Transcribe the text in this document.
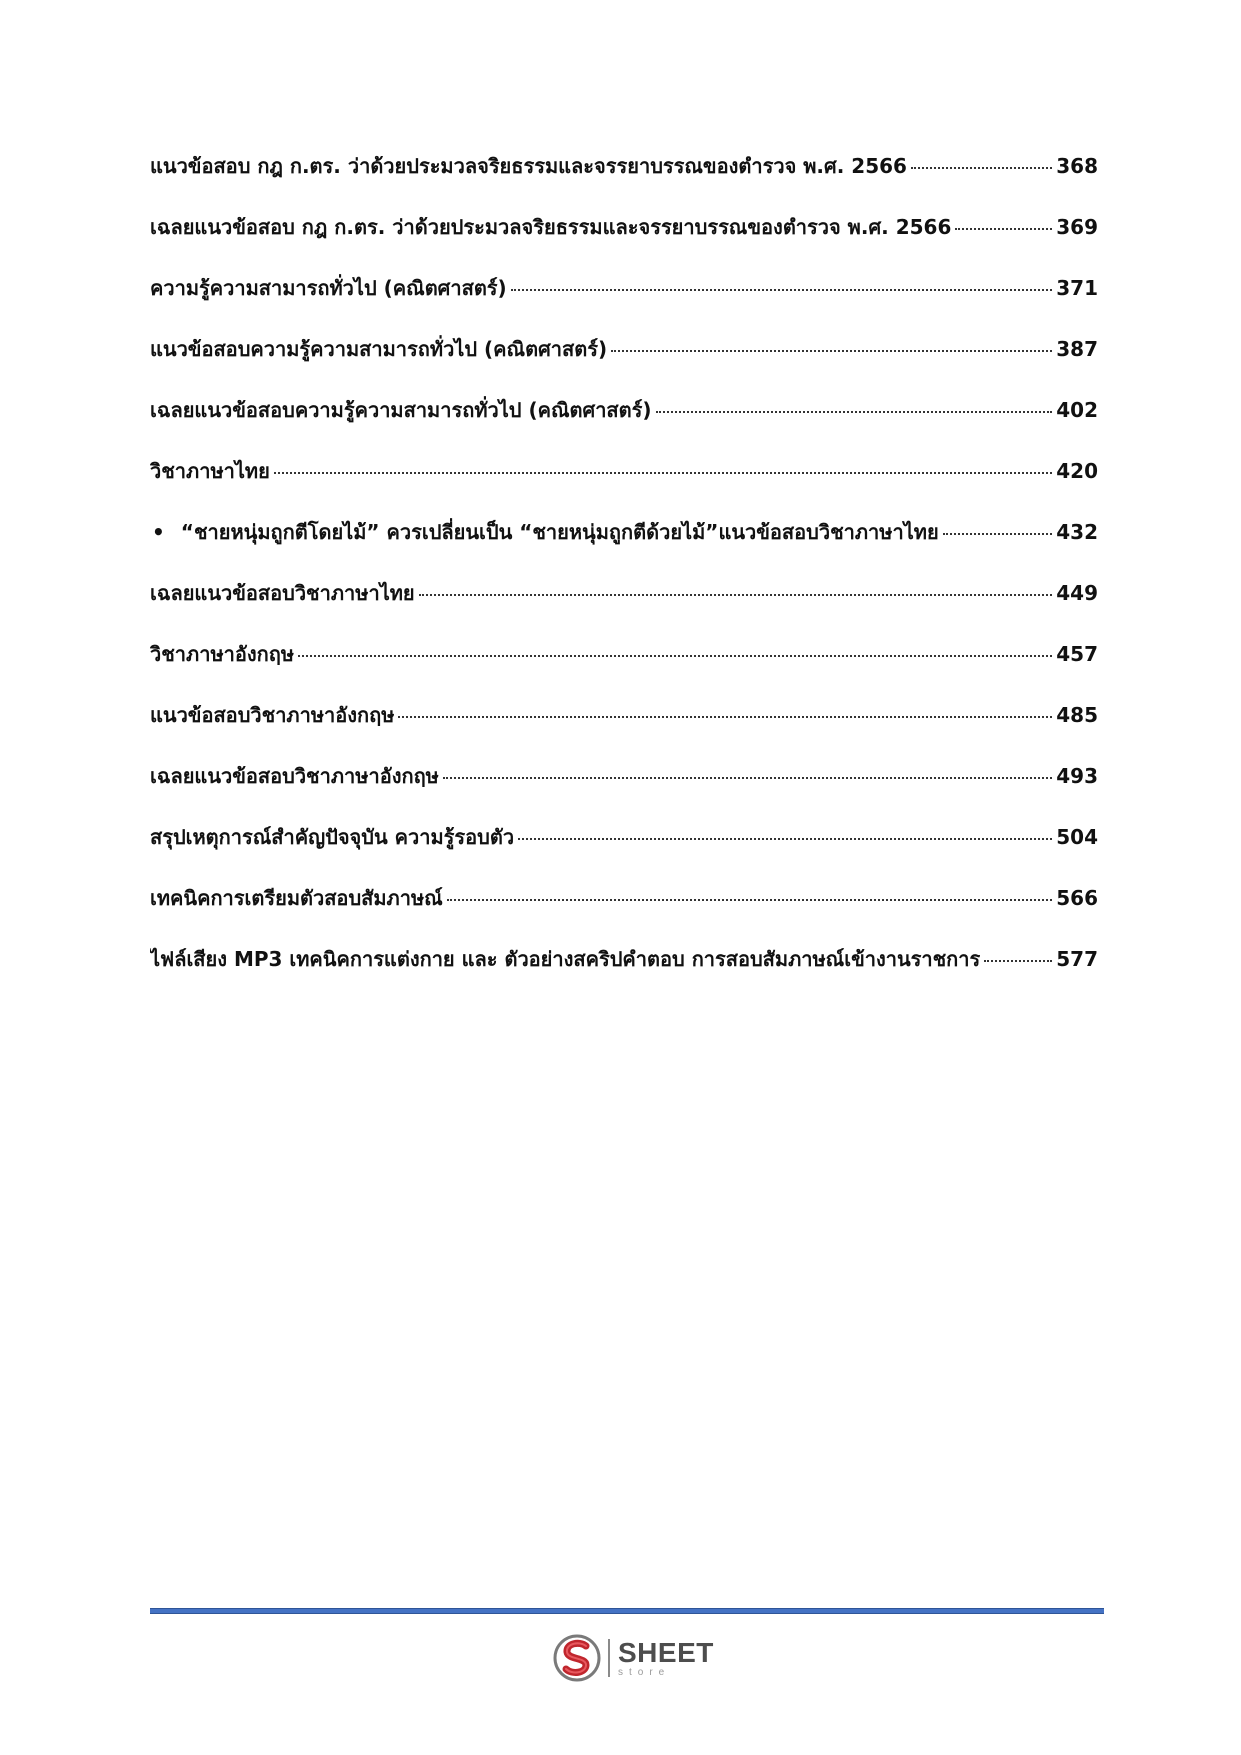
แนวข้อสอบ กฎ ก.ตร. ว่าด้วยประมวลจริยธรรมและจรรยาบรรณของตำรวจ พ.ศ. 2566	368
เฉลยแนวข้อสอบ กฎ ก.ตร. ว่าด้วยประมวลจริยธรรมและจรรยาบรรณของตำรวจ พ.ศ. 2566	369
ความรู้ความสามารถทั่วไป (คณิตศาสตร์)	371
แนวข้อสอบความรู้ความสามารถทั่วไป (คณิตศาสตร์)	387
เฉลยแนวข้อสอบความรู้ความสามารถทั่วไป (คณิตศาสตร์)	402
วิชาภาษาไทย	420
• “ชายหนุ่มถูกตีโดยไม้” ควรเปลี่ยนเป็น “ชายหนุ่มถูกตีด้วยไม้”แนวข้อสอบวิชาภาษาไทย	432
เฉลยแนวข้อสอบวิชาภาษาไทย	449
วิชาภาษาอังกฤษ	457
แนวข้อสอบวิชาภาษาอังกฤษ	485
เฉลยแนวข้อสอบวิชาภาษาอังกฤษ	493
สรุปเหตุการณ์สำคัญปัจจุบัน ความรู้รอบตัว	504
เทคนิคการเตรียมตัวสอบสัมภาษณ์	566
ไฟล์เสียง MP3 เทคนิคการแต่งกาย และ ตัวอย่างสคริปคำตอบ การสอบสัมภาษณ์เข้างานราชการ	577
SHEET
store
